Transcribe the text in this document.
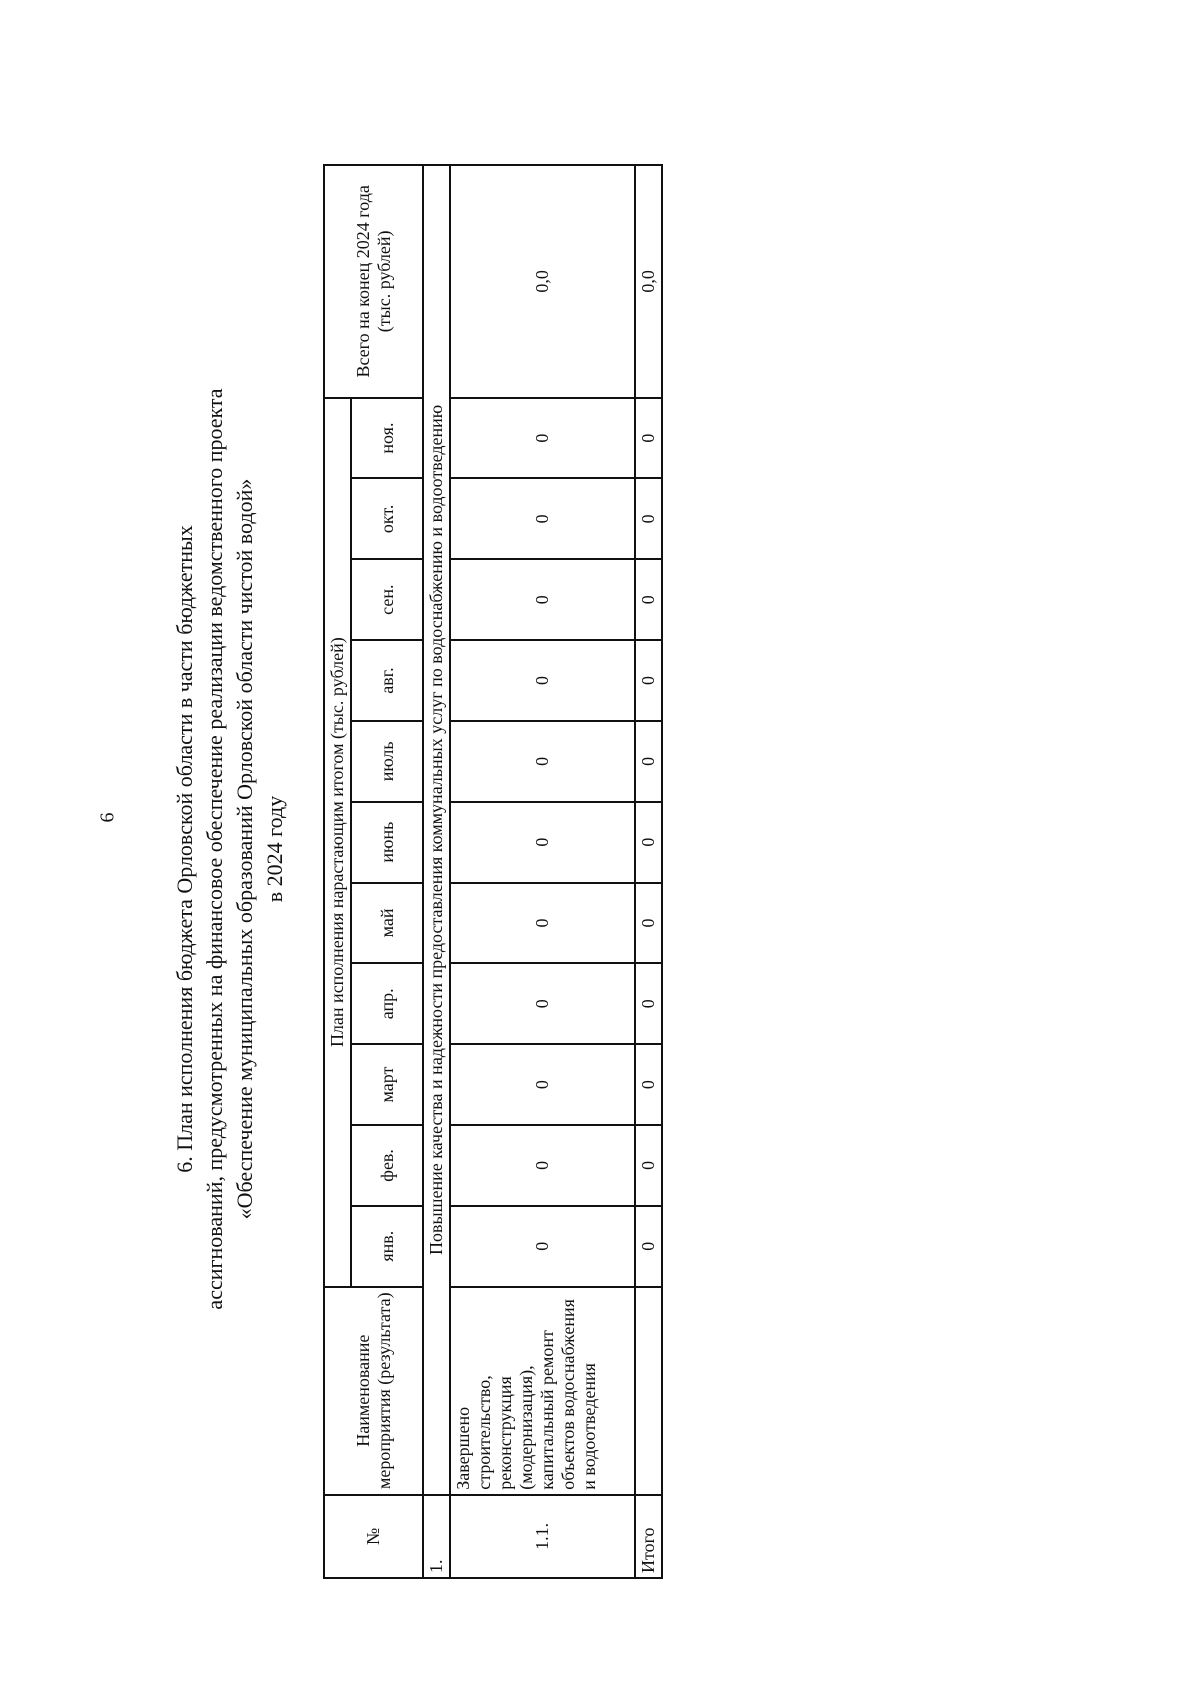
6 6. План исполнения бюджета Орловской области в части бюджетных ассигнований, предусмотренных на финансовое обеспечение реализации ведомственного проекта «Обеспечение муниципальных образований Орловской области чистой водой» в 2024 году
№	Наименование мероприятия (результата)	План исполнения нарастающим итогом (тыс. рублей)											Всего на конец 2024 года (тыс. рублей)
		янв.	фев.	март	апр.	май	июнь	июль	авг.	сен.	окт.	ноя.	
1.	Повышение качества и надежности предоставления коммунальных услуг по водоснабжению и водоотведению												
1.1.	Завершено строительство, реконструкция (модернизация), капитальный ремонт объектов водоснабжения и водоотведения	0	0	0	0	0	0	0	0	0	0	0	0,0
Итого		0	0	0	0	0	0	0	0	0	0	0	0,0
